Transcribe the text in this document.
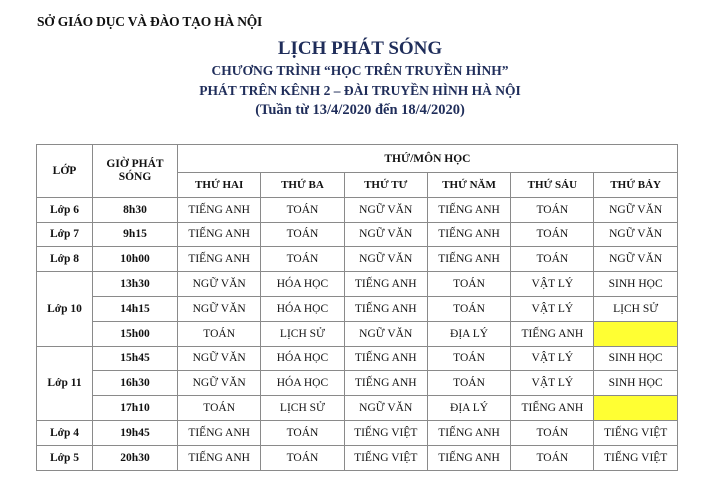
SỞ GIÁO DỤC VÀ ĐÀO TẠO HÀ NỘI
LỊCH PHÁT SÓNG
CHƯƠNG TRÌNH “HỌC TRÊN TRUYỀN HÌNH”
PHÁT TRÊN KÊNH 2 – ĐÀI TRUYỀN HÌNH HÀ NỘI
(Tuần từ 13/4/2020 đến 18/4/2020)
LỚP	GIỜ PHÁT SÓNG	THỨ/MÔN HỌC					
		THỨ HAI	THỨ BA	THỨ TƯ	THỨ NĂM	THỨ SÁU	THỨ BẢY
Lớp 6	8h30	TIẾNG ANH	TOÁN	NGỮ VĂN	TIẾNG ANH	TOÁN	NGỮ VĂN
Lớp 7	9h15	TIẾNG ANH	TOÁN	NGỮ VĂN	TIẾNG ANH	TOÁN	NGỮ VĂN
Lớp 8	10h00	TIẾNG ANH	TOÁN	NGỮ VĂN	TIẾNG ANH	TOÁN	NGỮ VĂN
Lớp 10	13h30	NGỮ VĂN	HÓA HỌC	TIẾNG ANH	TOÁN	VẬT LÝ	SINH HỌC
	14h15	NGỮ VĂN	HÓA HỌC	TIẾNG ANH	TOÁN	VẬT LÝ	LỊCH SỬ
	15h00	TOÁN	LỊCH SỬ	NGỮ VĂN	ĐỊA LÝ	TIẾNG ANH	
Lớp 11	15h45	NGỮ VĂN	HÓA HỌC	TIẾNG ANH	TOÁN	VẬT LÝ	SINH HỌC
	16h30	NGỮ VĂN	HÓA HỌC	TIẾNG ANH	TOÁN	VẬT LÝ	SINH HỌC
	17h10	TOÁN	LỊCH SỬ	NGỮ VĂN	ĐỊA LÝ	TIẾNG ANH	
Lớp 4	19h45	TIẾNG ANH	TOÁN	TIẾNG VIỆT	TIẾNG ANH	TOÁN	TIẾNG VIỆT
Lớp 5	20h30	TIẾNG ANH	TOÁN	TIẾNG VIỆT	TIẾNG ANH	TOÁN	TIẾNG VIỆT
